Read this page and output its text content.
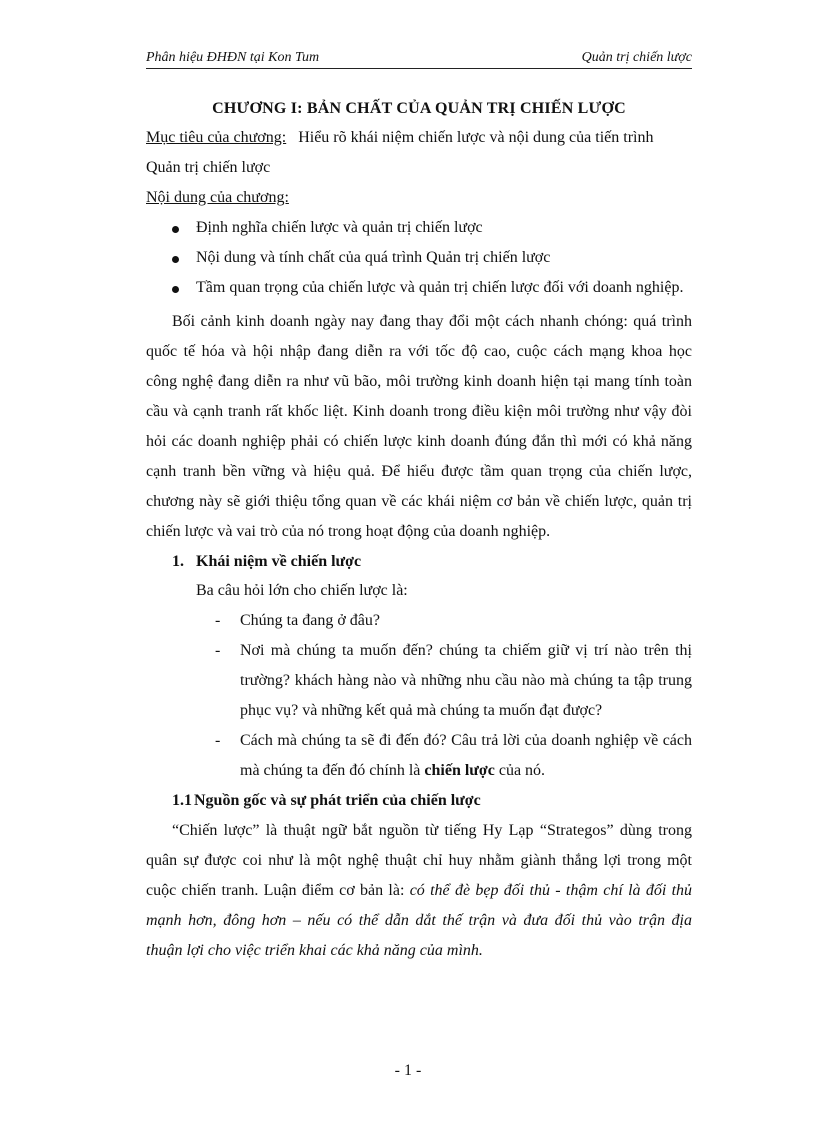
Phân hiệu ĐHĐN tại Kon Tum	Quản trị chiến lược
CHƯƠNG I: BẢN CHẤT CỦA QUẢN TRỊ CHIẾN LƯỢC
Mục tiêu của chương: Hiểu rõ khái niệm chiến lược và nội dung của tiến trình
Quản trị chiến lược
Nội dung của chương:
Định nghĩa chiến lược và quản trị chiến lược
Nội dung và tính chất của quá trình Quản trị chiến lược
Tầm quan trọng của chiến lược và quản trị chiến lược đối với doanh nghiệp.
Bối cảnh kinh doanh ngày nay đang thay đổi một cách nhanh chóng: quá trình
quốc tế hóa và hội nhập đang diễn ra với tốc độ cao, cuộc cách mạng khoa học
công nghệ đang diễn ra như vũ bão, môi trường kinh doanh hiện tại mang tính toàn
cầu và cạnh tranh rất khốc liệt. Kinh doanh trong điều kiện môi trường như vậy đòi
hỏi các doanh nghiệp phải có chiến lược kinh doanh đúng đắn thì mới có khả năng
cạnh tranh bền vững và hiệu quả. Để hiểu được tầm quan trọng của chiến lược,
chương này sẽ giới thiệu tổng quan về các khái niệm cơ bản về chiến lược, quản trị
chiến lược và vai trò của nó trong hoạt động của doanh nghiệp.
1. Khái niệm về chiến lược
Ba câu hỏi lớn cho chiến lược là:
- Chúng ta đang ở đâu?
- Nơi mà chúng ta muốn đến? chúng ta chiếm giữ vị trí nào trên thị
trường? khách hàng nào và những nhu cầu nào mà chúng ta tập trung
phục vụ? và những kết quả mà chúng ta muốn đạt được?
- Cách mà chúng ta sẽ đi đến đó? Câu trả lời của doanh nghiệp về cách
mà chúng ta đến đó chính là chiến lược của nó.
1.1 Nguồn gốc và sự phát triển của chiến lược
“Chiến lược” là thuật ngữ bắt nguồn từ tiếng Hy Lạp “Strategos” dùng trong
quân sự được coi như là một nghệ thuật chỉ huy nhằm giành thắng lợi trong một
cuộc chiến tranh. Luận điểm cơ bản là: có thể đè bẹp đối thủ - thậm chí là đối thủ
mạnh hơn, đông hơn – nếu có thể dẫn dắt thế trận và đưa đối thủ vào trận địa
thuận lợi cho việc triển khai các khả năng của mình.
- 1 -
